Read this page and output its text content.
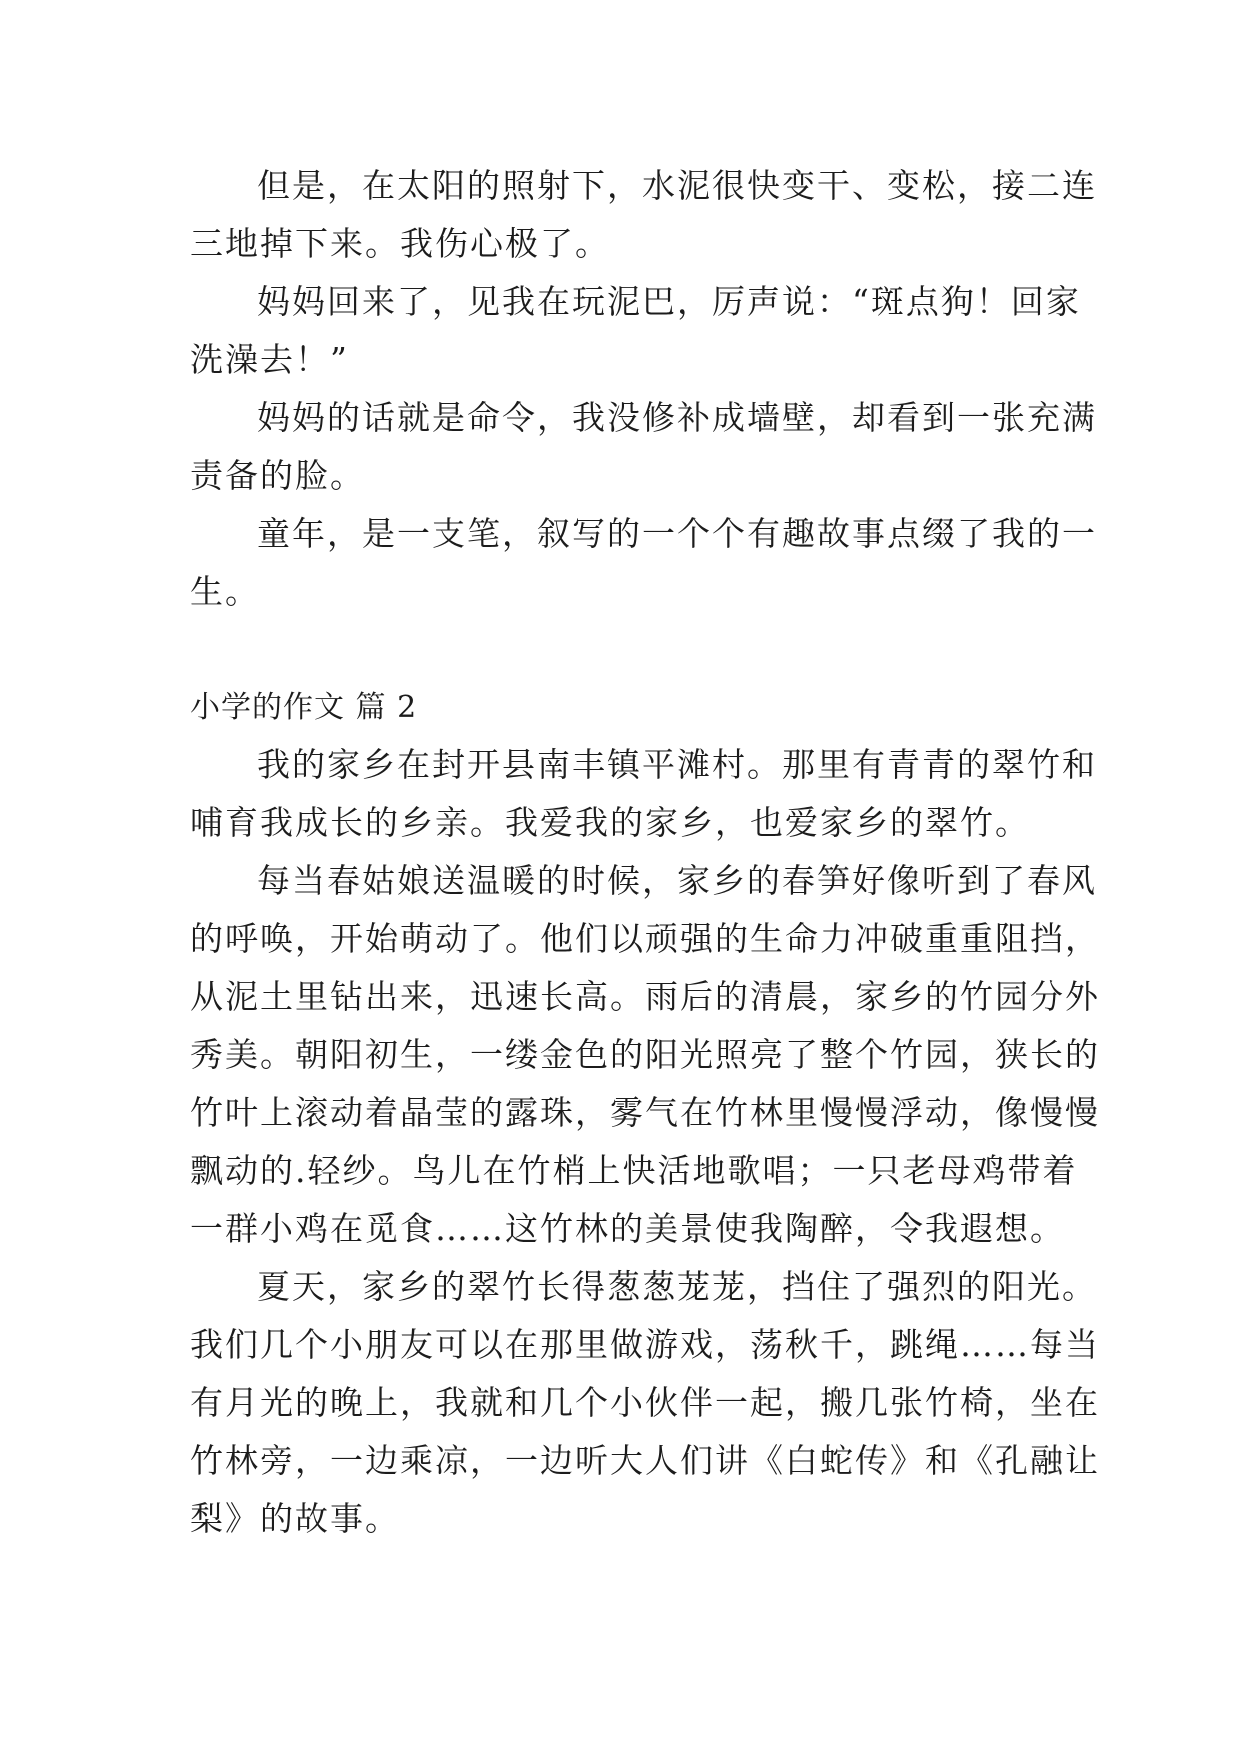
但是，在太阳的照射下，水泥很快变干、变松，接二连
三地掉下来。我伤心极了。
妈妈回来了，见我在玩泥巴，厉声说：“斑点狗！回家
洗澡去！”
妈妈的话就是命令，我没修补成墙壁，却看到一张充满
责备的脸。
童年，是一支笔，叙写的一个个有趣故事点缀了我的一
生。
小学的作文 篇 2
我的家乡在封开县南丰镇平滩村。那里有青青的翠竹和
哺育我成长的乡亲。我爱我的家乡，也爱家乡的翠竹。
每当春姑娘送温暖的时候，家乡的春笋好像听到了春风
的呼唤，开始萌动了。他们以顽强的生命力冲破重重阻挡，
从泥土里钻出来，迅速长高。雨后的清晨，家乡的竹园分外
秀美。朝阳初生，一缕金色的阳光照亮了整个竹园，狭长的
竹叶上滚动着晶莹的露珠，雾气在竹林里慢慢浮动，像慢慢
飘动的.轻纱。鸟儿在竹梢上快活地歌唱；一只老母鸡带着
一群小鸡在觅食……这竹林的美景使我陶醉，令我遐想。
夏天，家乡的翠竹长得葱葱茏茏，挡住了强烈的阳光。
我们几个小朋友可以在那里做游戏，荡秋千，跳绳……每当
有月光的晚上，我就和几个小伙伴一起，搬几张竹椅，坐在
竹林旁，一边乘凉，一边听大人们讲《白蛇传》和《孔融让
梨》的故事。
